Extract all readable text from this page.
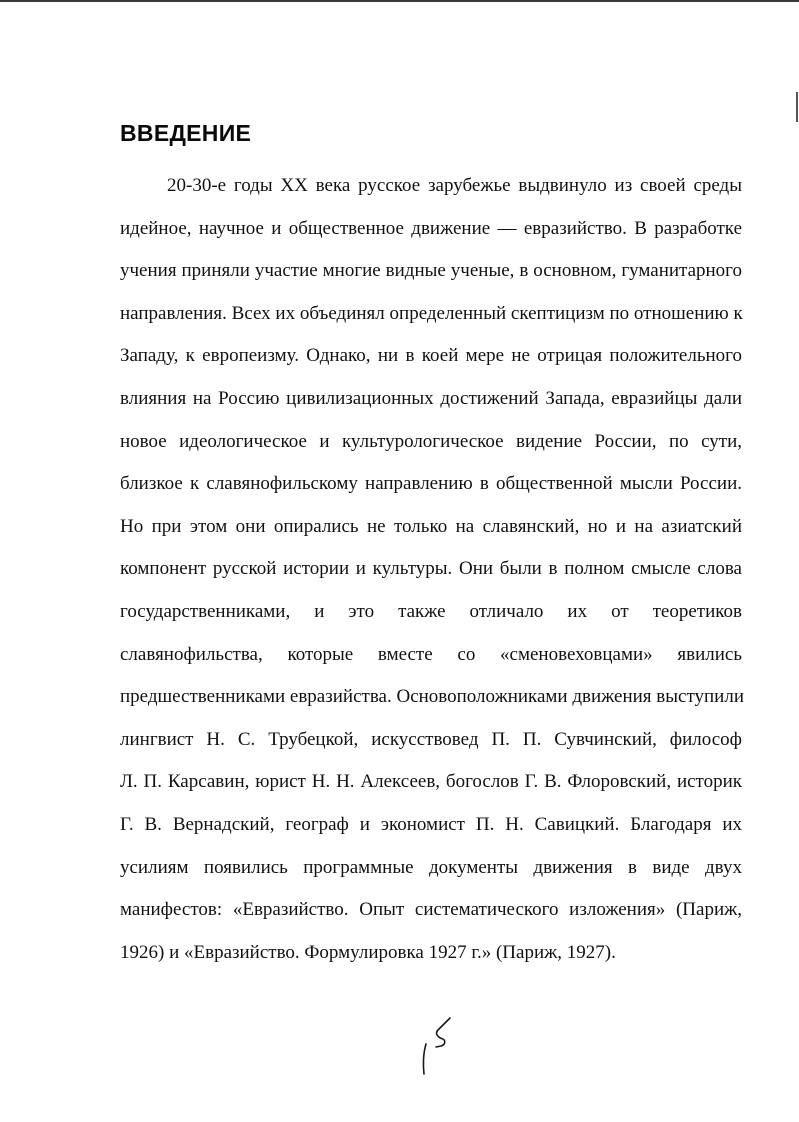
ВВЕДЕНИЕ
20-30-е годы XX века русское зарубежье выдвинуло из своей среды
идейное, научное и общественное движение — евразийство. В разработке
учения приняли участие многие видные ученые, в основном, гуманитарного
направления. Всех их объединял определенный скептицизм по отношению к
Западу, к европеизму. Однако, ни в коей мере не отрицая положительного
влияния на Россию цивилизационных достижений Запада, евразийцы дали
новое идеологическое и культурологическое видение России, по сути,
близкое к славянофильскому направлению в общественной мысли России.
Но при этом они опирались не только на славянский, но и на азиатский
компонент русской истории и культуры. Они были в полном смысле слова
государственниками, и это также отличало их от теоретиков
славянофильства, которые вместе со «сменовеховцами» явились
предшественниками евразийства. Основоположниками движения выступили
лингвист Н. С. Трубецкой, искусствовед П. П. Сувчинский, философ
Л. П. Карсавин, юрист Н. Н. Алексеев, богослов Г. В. Флоровский, историк
Г. В. Вернадский, географ и экономист П. Н. Савицкий. Благодаря их
усилиям появились программные документы движения в виде двух
манифестов: «Евразийство. Опыт систематического изложения» (Париж,
1926) и «Евразийство. Формулировка 1927 г.» (Париж, 1927).
